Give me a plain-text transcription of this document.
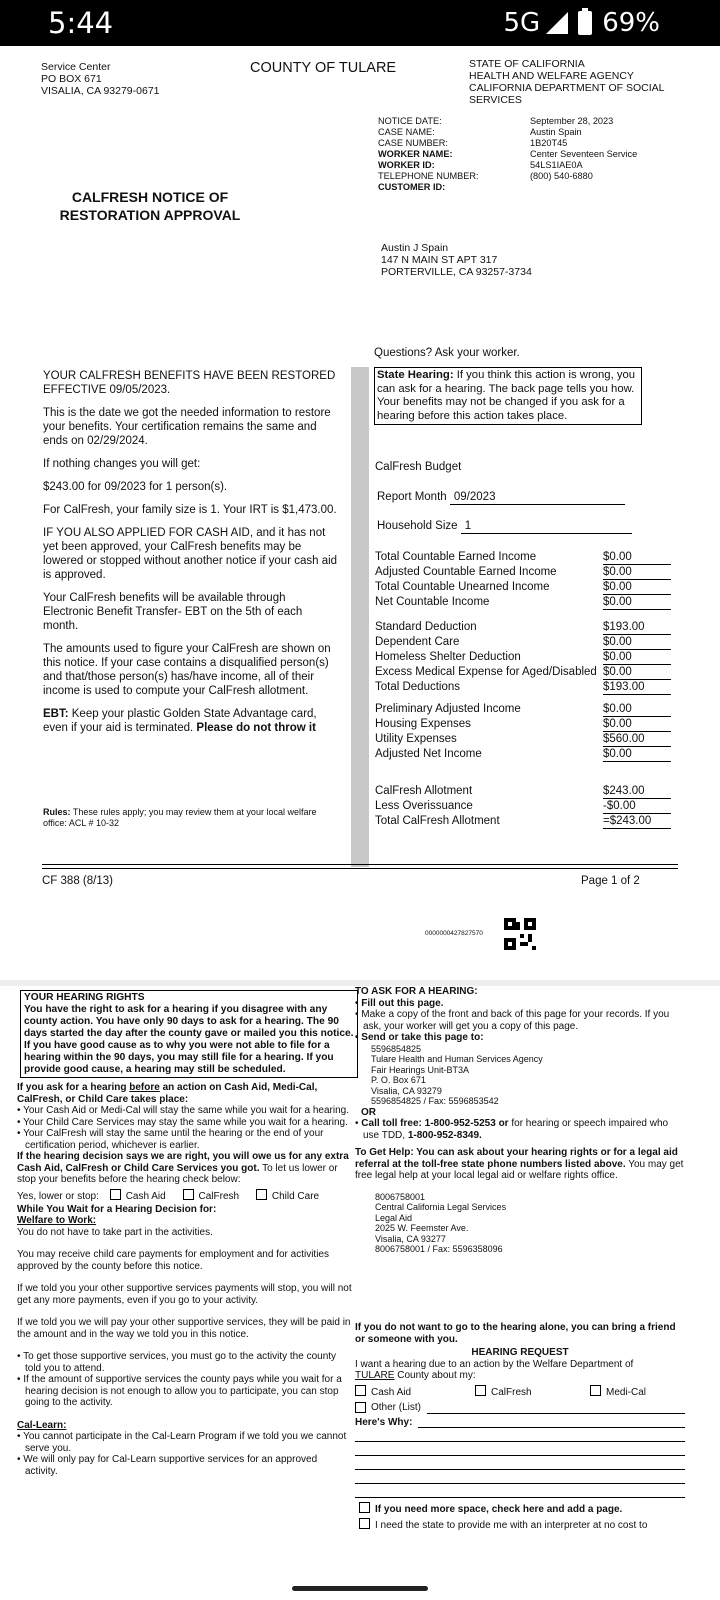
5:44	5G 69%
Service Center
PO BOX 671
VISALIA, CA 93279-0671
COUNTY OF TULARE	STATE OF CALIFORNIA
HEALTH AND WELFARE AGENCY
CALIFORNIA DEPARTMENT OF SOCIAL
SERVICES
NOTICE DATE:	September 28, 2023
CASE NAME:	Austin Spain
CASE NUMBER:	1B20T45
WORKER NAME:	Center Seventeen Service
WORKER ID:	54LS1IAE0A
TELEPHONE NUMBER:	(800) 540-6880
CUSTOMER ID:
CALFRESH NOTICE OF
RESTORATION APPROVAL
Austin J Spain
147 N MAIN ST APT 317
PORTERVILLE, CA 93257-3734
Questions? Ask your worker.

YOUR CALFRESH BENEFITS HAVE BEEN RESTORED EFFECTIVE 09/05/2023.

This is the date we got the needed information to restore your benefits. Your certification remains the same and ends on 02/29/2024.

If nothing changes you will get:

$243.00 for 09/2023 for 1 person(s).

For CalFresh, your family size is 1. Your IRT is $1,473.00.

IF YOU ALSO APPLIED FOR CASH AID, and it has not yet been approved, your CalFresh benefits may be lowered or stopped without another notice if your cash aid is approved.

Your CalFresh benefits will be available through Electronic Benefit Transfer- EBT on the 5th of each month.

The amounts used to figure your CalFresh are shown on this notice. If your case contains a disqualified person(s) and that/those person(s) has/have income, all of their income is used to compute your CalFresh allotment.

EBT: Keep your plastic Golden State Advantage card, even if your aid is terminated. Please do not throw it

Rules: These rules apply; you may review them at your local welfare office: ACL # 10-32
State Hearing: If you think this action is wrong, you can ask for a hearing. The back page tells you how. Your benefits may not be changed if you ask for a hearing before this action takes place.
CalFresh Budget
Report Month 09/2023
Household Size 1
Total Countable Earned Income	$0.00
Adjusted Countable Earned Income	$0.00
Total Countable Unearned Income	$0.00
Net Countable Income	$0.00
Standard Deduction	$193.00
Dependent Care	$0.00
Homeless Shelter Deduction	$0.00
Excess Medical Expense for Aged/Disabled $0.00
Total Deductions	$193.00
Preliminary Adjusted Income	$0.00
Housing Expenses	$0.00
Utility Expenses	$560.00
Adjusted Net Income	$0.00
CalFresh Allotment	$243.00
Less Overissuance	-$0.00
Total CalFresh Allotment	=$243.00
CF 388 (8/13)	Page 1 of 2
0000000427827570
YOUR HEARING RIGHTS
You have the right to ask for a hearing if you disagree with any county action. You have only 90 days to ask for a hearing. The 90 days started the day after the county gave or mailed you this notice. If you have good cause as to why you were not able to file for a hearing within the 90 days, you may still file for a hearing. If you provide good cause, a hearing may still be scheduled.
If you ask for a hearing before an action on Cash Aid, Medi-Cal, CalFresh, or Child Care takes place:
• Your Cash Aid or Medi-Cal will stay the same while you wait for a hearing.
• Your Child Care Services may stay the same while you wait for a hearing.
• Your CalFresh will stay the same until the hearing or the end of your certification period, whichever is earlier.
If the hearing decision says we are right, you will owe us for any extra Cash Aid, CalFresh or Child Care Services you got. To let us lower or stop your benefits before the hearing check below:
Yes, lower or stop:	Cash Aid	CalFresh	Child Care
While You Wait for a Hearing Decision for:
Welfare to Work:
You do not have to take part in the activities.
You may receive child care payments for employment and for activities approved by the county before this notice.
If we told you your other supportive services payments will stop, you will not get any more payments, even if you go to your activity.
If we told you we will pay your other supportive services, they will be paid in the amount and in the way we told you in this notice.
• To get those supportive services, you must go to the activity the county told you to attend.
• If the amount of supportive services the county pays while you wait for a hearing decision is not enough to allow you to participate, you can stop going to the activity.
Cal-Learn:
• You cannot participate in the Cal-Learn Program if we told you we cannot serve you.
• We will only pay for Cal-Learn supportive services for an approved activity.
TO ASK FOR A HEARING:
• Fill out this page.
• Make a copy of the front and back of this page for your records. If you ask, your worker will get you a copy of this page.
• Send or take this page to:
5596854825
Tulare Health and Human Services Agency
Fair Hearings Unit-BT3A
P. O. Box 671
Visalia, CA 93279
5596854825 / Fax: 5596853542
OR
• Call toll free: 1-800-952-5253 or for hearing or speech impaired who use TDD, 1-800-952-8349.
To Get Help: You can ask about your hearing rights or for a legal aid referral at the toll-free state phone numbers listed above. You may get free legal help at your local legal aid or welfare rights office.
8006758001
Central California Legal Services
Legal Aid
2025 W. Feemster Ave.
Visalia, CA 93277
8006758001 / Fax: 5596358096
If you do not want to go to the hearing alone, you can bring a friend or someone with you.
HEARING REQUEST
I want a hearing due to an action by the Welfare Department of
TULARE County about my:
Cash Aid	CalFresh	Medi-Cal
Other (List)
Here's Why:
If you need more space, check here and add a page.
I need the state to provide me with an interpreter at no cost to
